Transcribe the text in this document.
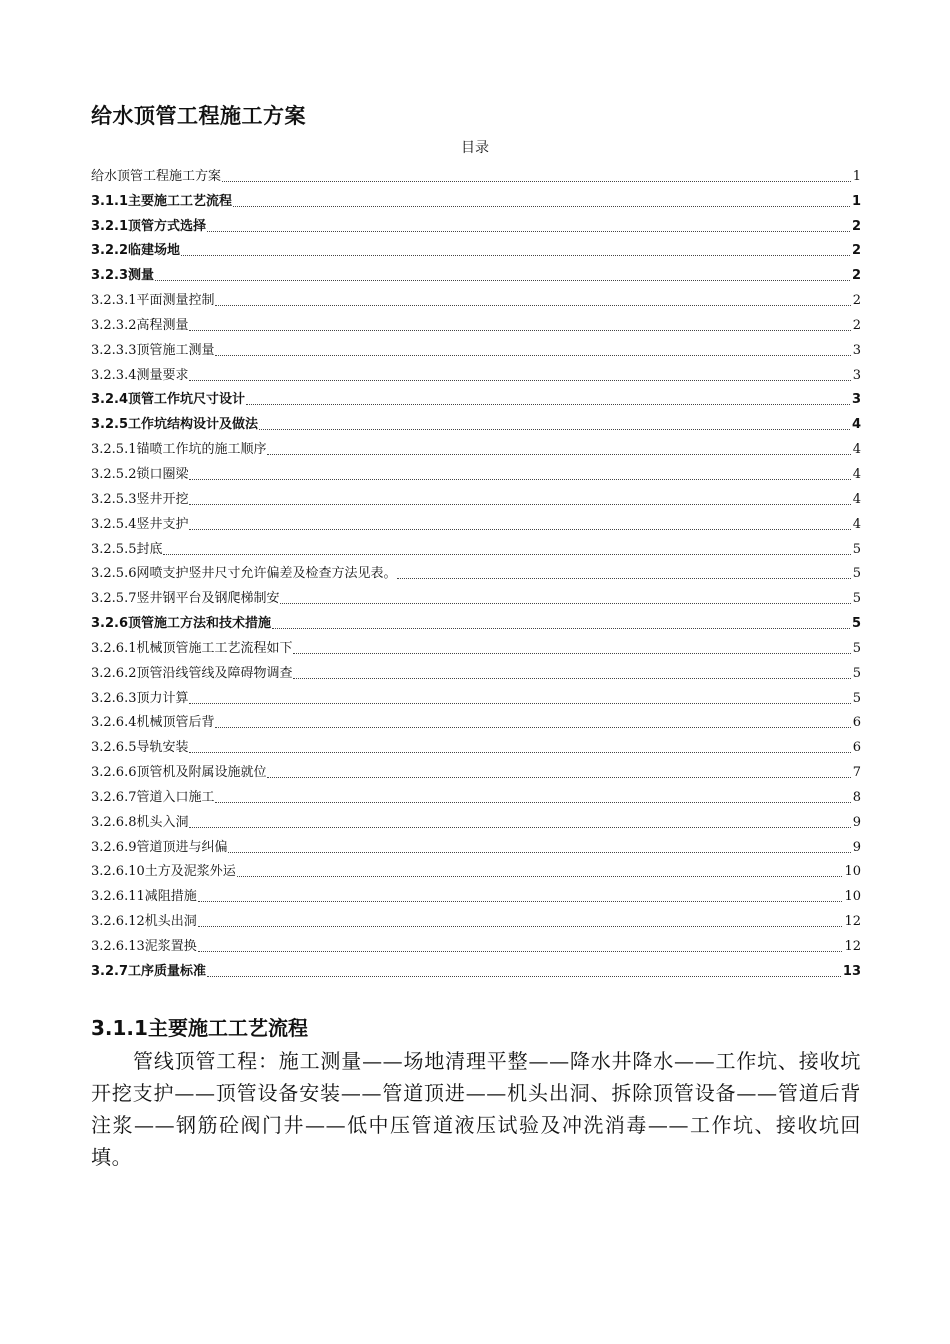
给水顶管工程施工方案
目录
给水顶管工程施工方案	1
3.1.1主要施工工艺流程	1
3.2.1顶管方式选择	2
3.2.2临建场地	2
3.2.3测量	2
3.2.3.1平面测量控制	2
3.2.3.2高程测量	2
3.2.3.3顶管施工测量	3
3.2.3.4测量要求	3
3.2.4顶管工作坑尺寸设计	3
3.2.5工作坑结构设计及做法	4
3.2.5.1锚喷工作坑的施工顺序	4
3.2.5.2锁口圈梁	4
3.2.5.3竖井开挖	4
3.2.5.4竖井支护	4
3.2.5.5封底	5
3.2.5.6网喷支护竖井尺寸允许偏差及检查方法见表。	5
3.2.5.7竖井钢平台及钢爬梯制安	5
3.2.6顶管施工方法和技术措施	5
3.2.6.1机械顶管施工工艺流程如下	5
3.2.6.2顶管沿线管线及障碍物调查	5
3.2.6.3顶力计算	5
3.2.6.4机械顶管后背	6
3.2.6.5导轨安装	6
3.2.6.6顶管机及附属设施就位	7
3.2.6.7管道入口施工	8
3.2.6.8机头入洞	9
3.2.6.9管道顶进与纠偏	9
3.2.6.10土方及泥浆外运	10
3.2.6.11减阻措施	10
3.2.6.12机头出洞	12
3.2.6.13泥浆置换	12
3.2.7工序质量标准	13
3.1.1主要施工工艺流程

管线顶管工程：施工测量——场地清理平整——降水井降水——工作坑、接收坑开挖支护——顶管设备安装——管道顶进——机头出洞、拆除顶管设备——管道后背注浆——钢筋砼阀门井——低中压管道液压试验及冲洗消毒——工作坑、接收坑回填。
